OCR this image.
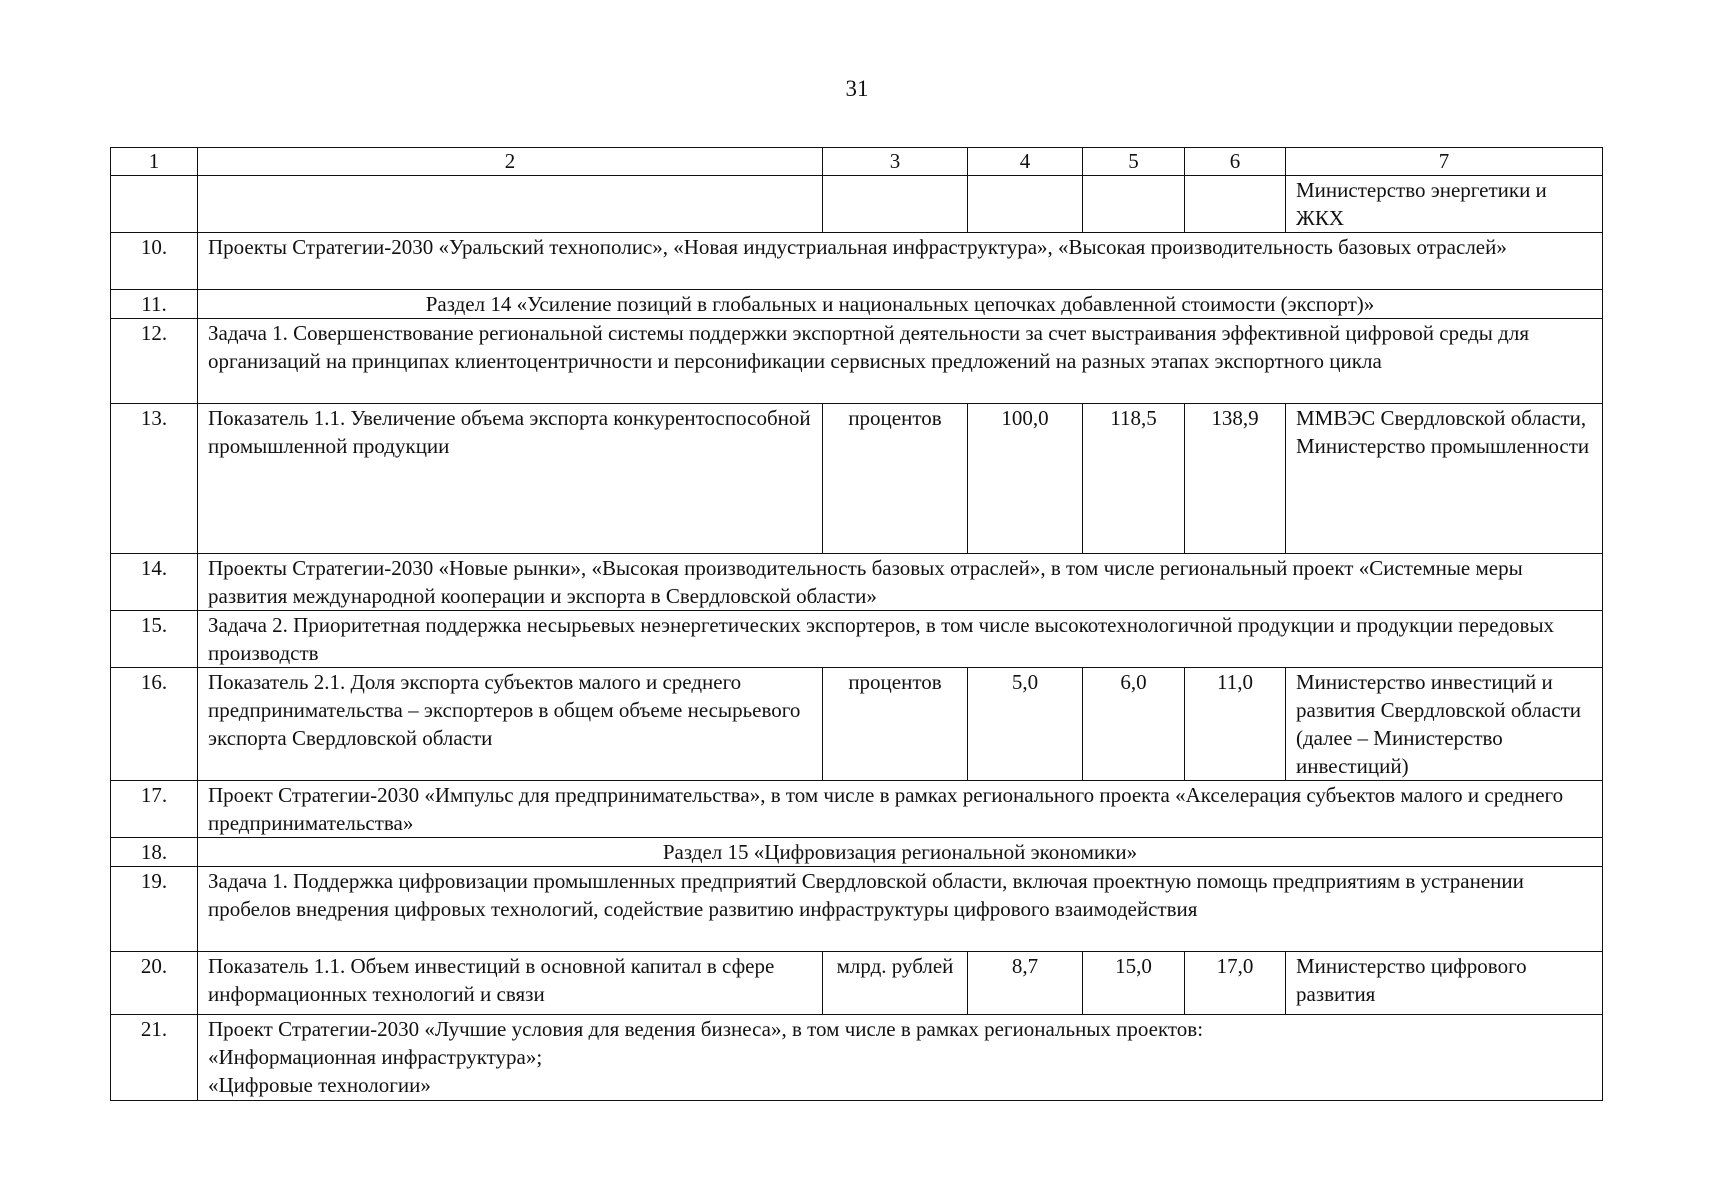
31
1	2	3	4	5	6	7
						Министерство энергетики и ЖКХ
10.	Проекты Стратегии-2030 «Уральский технополис», «Новая индустриальная инфраструктура», «Высокая производительность базовых отраслей»					
11.	Раздел 14 «Усиление позиций в глобальных и национальных цепочках добавленной стоимости (экспорт)»					
12.	Задача 1. Совершенствование региональной системы поддержки экспортной деятельности за счет выстраивания эффективной цифровой среды для организаций на принципах клиентоцентричности и персонификации сервисных предложений на разных этапах экспортного цикла					
13.	Показатель 1.1. Увеличение объема экспорта конкурентоспособной промышленной продукции	процентов	100,0	118,5	138,9	ММВЭС Свердловской области, Министерство промышленности
14.	Проекты Стратегии-2030 «Новые рынки», «Высокая производительность базовых отраслей», в том числе региональный проект «Системные меры развития международной кооперации и экспорта в Свердловской области»					
15.	Задача 2. Приоритетная поддержка несырьевых неэнергетических экспортеров, в том числе высокотехнологичной продукции и продукции передовых производств					
16.	Показатель 2.1. Доля экспорта субъектов малого и среднего предпринимательства – экспортеров в общем объеме несырьевого экспорта Свердловской области	процентов	5,0	6,0	11,0	Министерство инвестиций и развития Свердловской области (далее – Министерство инвестиций)
17.	Проект Стратегии-2030 «Импульс для предпринимательства», в том числе в рамках регионального проекта «Акселерация субъектов малого и среднего предпринимательства»					
18.	Раздел 15 «Цифровизация региональной экономики»					
19.	Задача 1. Поддержка цифровизации промышленных предприятий Свердловской области, включая проектную помощь предприятиям в устранении пробелов внедрения цифровых технологий, содействие развитию инфраструктуры цифрового взаимодействия					
20.	Показатель 1.1. Объем инвестиций в основной капитал в сфере информационных технологий и связи	млрд. рублей	8,7	15,0	17,0	Министерство цифрового развития
21.	Проект Стратегии-2030 «Лучшие условия для ведения бизнеса», в том числе в рамках региональных проектов:
«Информационная инфраструктура»;
«Цифровые технологии»					
